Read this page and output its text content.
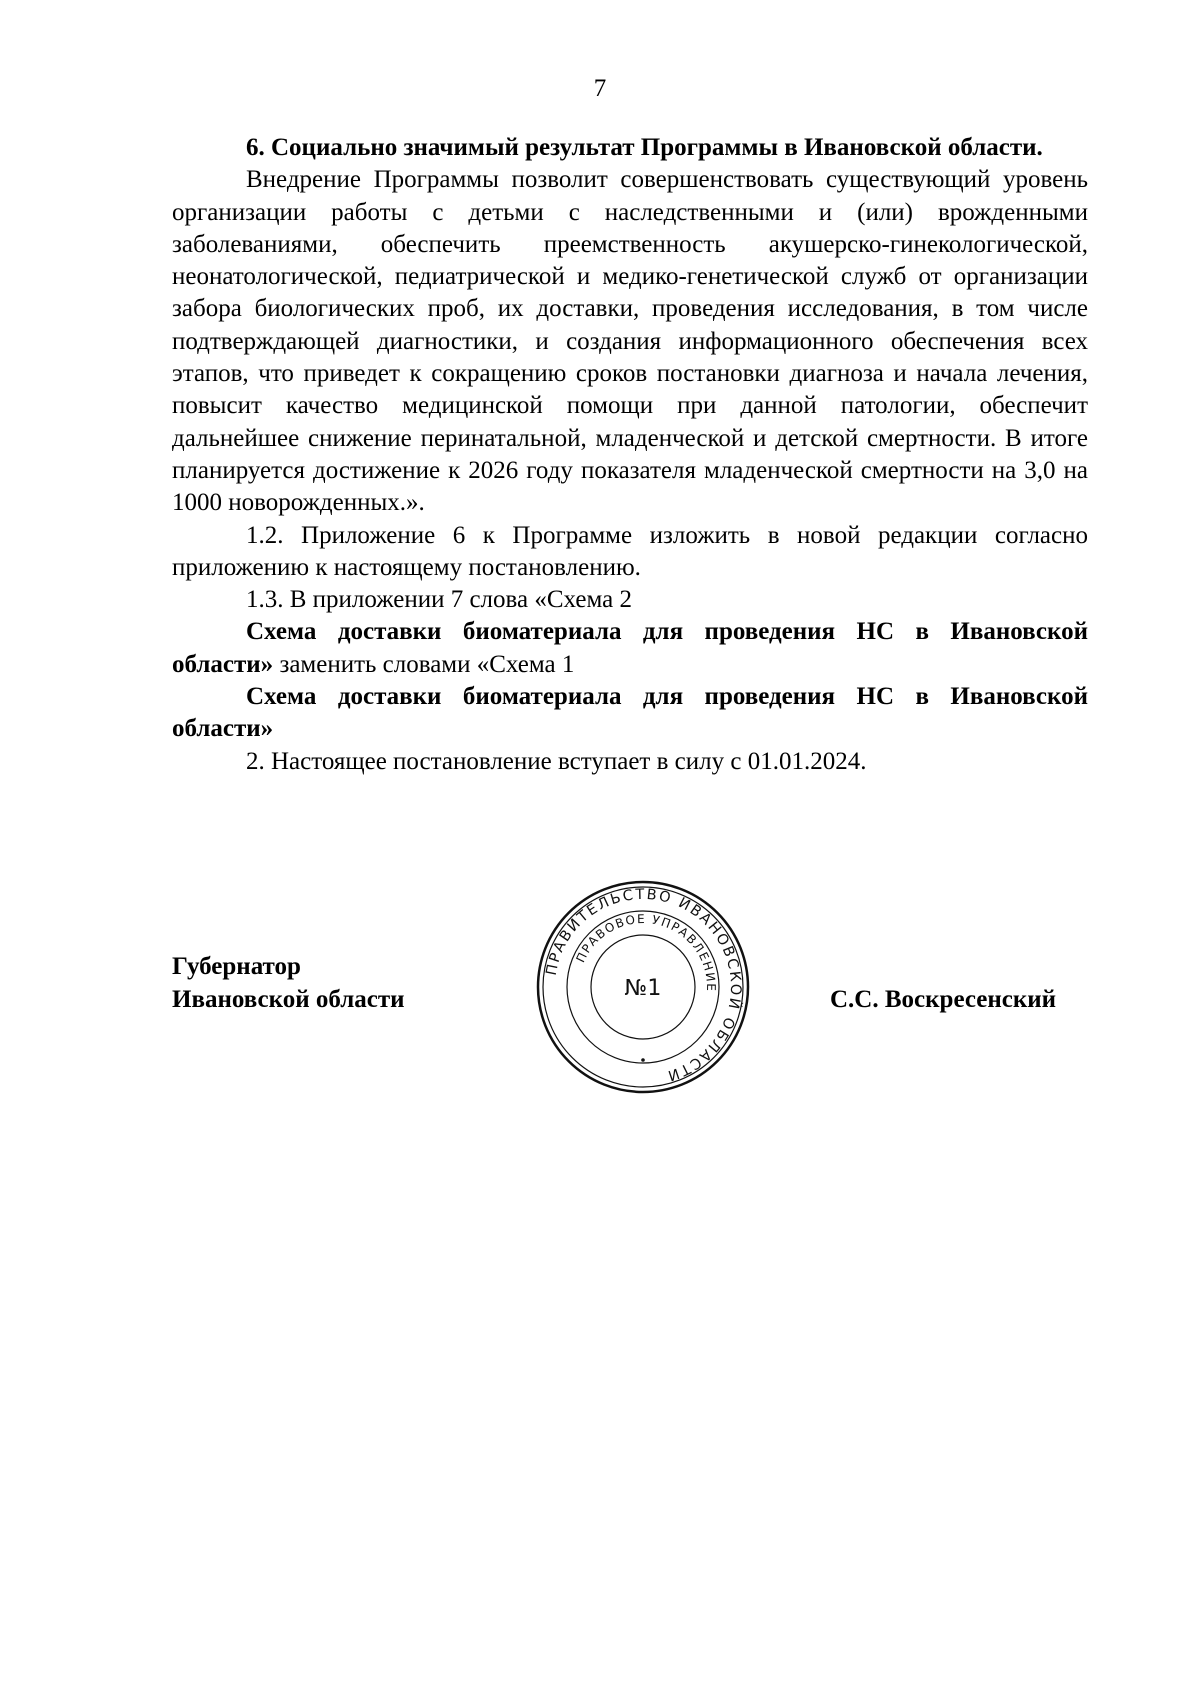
7

6. Социально значимый результат Программы в Ивановской области.

Внедрение Программы позволит совершенствовать существующий уровень организации работы с детьми с наследственными и (или) врожденными заболеваниями, обеспечить преемственность акушерско-гинекологической, неонатологической, педиатрической и медико-генетической служб от организации забора биологических проб, их доставки, проведения исследования, в том числе подтверждающей диагностики, и создания информационного обеспечения всех этапов, что приведет к сокращению сроков постановки диагноза и начала лечения, повысит качество медицинской помощи при данной патологии, обеспечит дальнейшее снижение перинатальной, младенческой и детской смертности. В итоге планируется достижение к 2026 году показателя младенческой смертности на 3,0 на 1000 новорожденных.».

1.2. Приложение 6 к Программе изложить в новой редакции согласно приложению к настоящему постановлению.

1.3. В приложении 7 слова «Схема 2

Схема доставки биоматериала для проведения НС в Ивановской области» заменить словами «Схема 1

Схема доставки биоматериала для проведения НС в Ивановской области»

2. Настоящее постановление вступает в силу с 01.01.2024.

Губернатор
Ивановской области
ПРАВИТЕЛЬСТВО ИВАНОВСКОЙ ОБЛАСТИ
ПРАВОВОЕ УПРАВЛЕНИЕ
№1	С.С. Воскресенский
